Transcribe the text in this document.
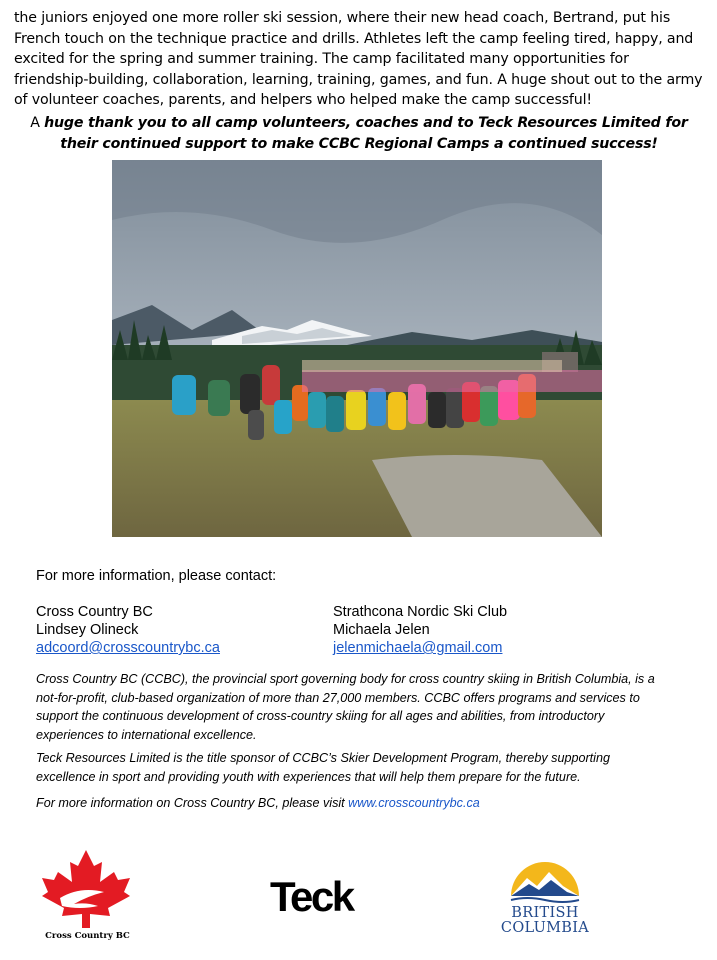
the juniors enjoyed one more roller ski session, where their new head coach, Bertrand, put his French touch on the technique practice and drills. Athletes left the camp feeling tired, happy, and excited for the spring and summer training. The camp facilitated many opportunities for friendship-building, collaboration, learning, training, games, and fun. A huge shout out to the army of volunteer coaches, parents, and helpers who helped make the camp successful!
A huge thank you to all camp volunteers, coaches and to Teck Resources Limited for their continued support to make CCBC Regional Camps a continued success!
For more information, please contact:
Cross Country BC
Lindsey Olineck
adcoord@crosscountrybc.ca
Strathcona Nordic Ski Club
Michaela Jelen
jelenmichaela@gmail.com
Cross Country BC (CCBC), the provincial sport governing body for cross country skiing in British Columbia, is a not-for-profit, club-based organization of more than 27,000 members. CCBC offers programs and services to support the continuous development of cross-country skiing for all ages and abilities, from introductory experiences to international excellence.
Teck Resources Limited is the title sponsor of CCBC’s Skier Development Program, thereby supporting excellence in sport and providing youth with experiences that will help them prepare for the future.
For more information on Cross Country BC, please visit www.crosscountrybc.ca
Cross Country BC
Teck	BRITISH
COLUMBIA
